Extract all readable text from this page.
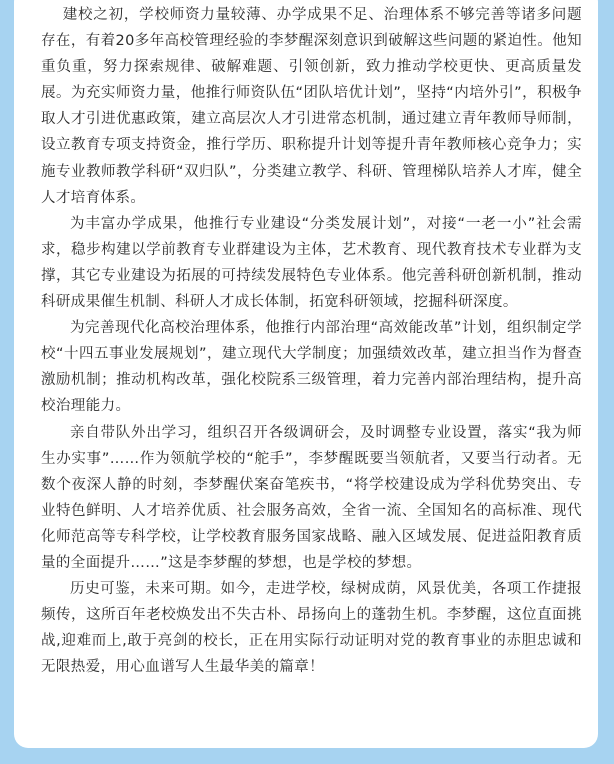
建校之初，学校师资力量较薄、办学成果不足、治理体系不够完善等诸多问题存在，有着20多年高校管理经验的李梦醒深刻意识到破解这些问题的紧迫性。他知重负重，努力探索规律、破解难题、引领创新，致力推动学校更快、更高质量发展。为充实师资力量，他推行师资队伍“团队培优计划”，坚持“内培外引”，积极争取人才引进优惠政策，建立高层次人才引进常态机制，通过建立青年教师导师制，设立教育专项支持资金，推行学历、职称提升计划等提升青年教师核心竞争力；实施专业教师教学科研“双归队”，分类建立教学、科研、管理梯队培养人才库，健全人才培育体系。

为丰富办学成果，他推行专业建设“分类发展计划”，对接“一老一小”社会需求，稳步构建以学前教育专业群建设为主体，艺术教育、现代教育技术专业群为支撑，其它专业建设为拓展的可持续发展特色专业体系。他完善科研创新机制，推动科研成果催生机制、科研人才成长体制，拓宽科研领域，挖掘科研深度。

为完善现代化高校治理体系，他推行内部治理“高效能改革”计划，组织制定学校“十四五事业发展规划”，建立现代大学制度；加强绩效改革，建立担当作为督查激励机制；推动机构改革，强化校院系三级管理，着力完善内部治理结构，提升高校治理能力。

亲自带队外出学习，组织召开各级调研会，及时调整专业设置，落实“我为师生办实事”……作为领航学校的“舵手”，李梦醒既要当领航者，又要当行动者。无数个夜深人静的时刻，李梦醒伏案奋笔疾书，“将学校建设成为学科优势突出、专业特色鲜明、人才培养优质、社会服务高效，全省一流、全国知名的高标准、现代化师范高等专科学校，让学校教育服务国家战略、融入区域发展、促进益阳教育质量的全面提升……”这是李梦醒的梦想，也是学校的梦想。

历史可鉴，未来可期。如今，走进学校，绿树成荫，风景优美，各项工作捷报频传，这所百年老校焕发出不失古朴、昂扬向上的蓬勃生机。李梦醒，这位直面挑战,迎难而上,敢于亮剑的校长，正在用实际行动证明对党的教育事业的赤胆忠诚和无限热爱，用心血谱写人生最华美的篇章！
